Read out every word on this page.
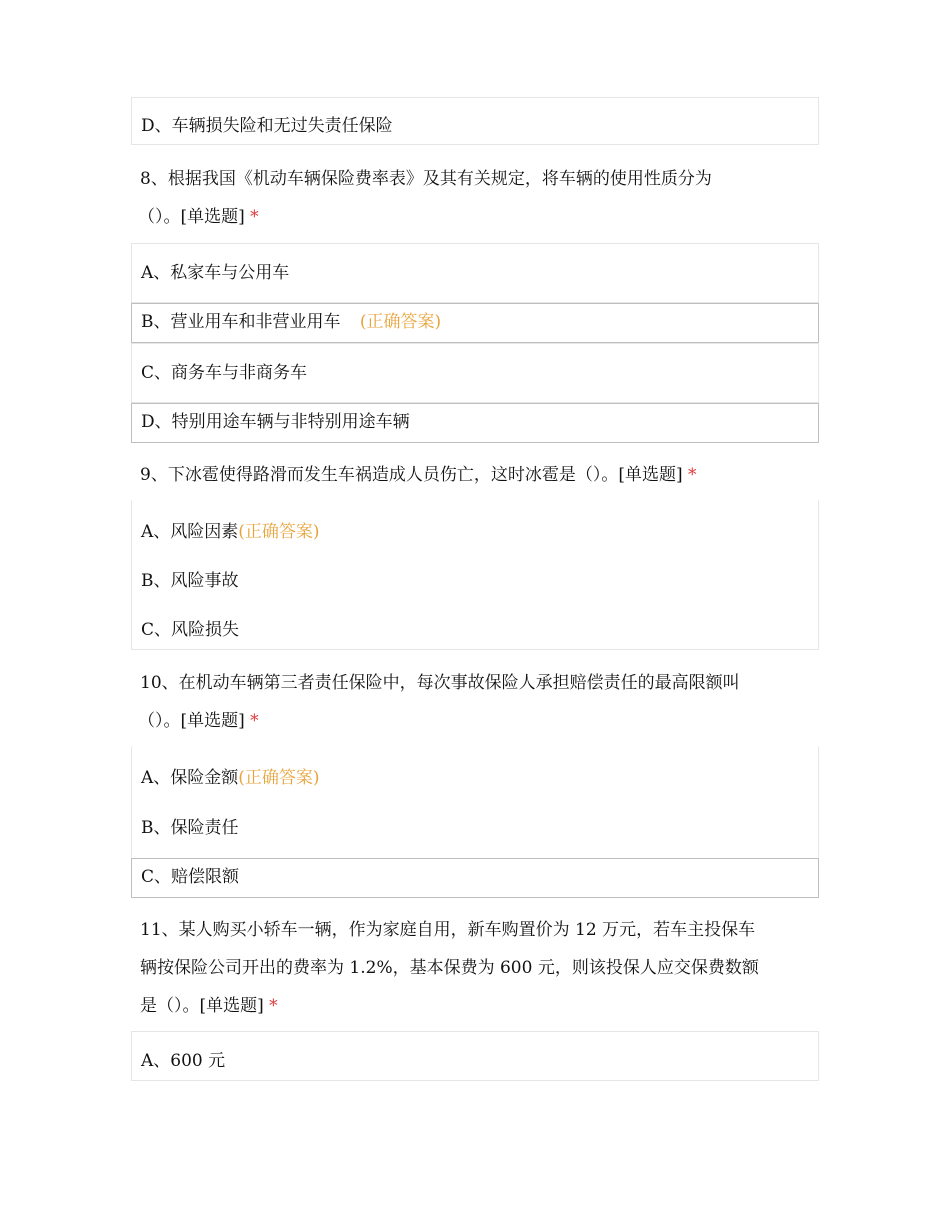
D、车辆损失险和无过失责任保险
8、根据我国《机动车辆保险费率表》及其有关规定，将车辆的使用性质分为
（）。[单选题] *
A、私家车与公用车
B、营业用车和非营业用车 (正确答案)
C、商务车与非商务车
D、特别用途车辆与非特别用途车辆
9、下冰雹使得路滑而发生车祸造成人员伤亡，这时冰雹是（）。[单选题] *
A、风险因素(正确答案)
B、风险事故
C、风险损失
10、在机动车辆第三者责任保险中，每次事故保险人承担赔偿责任的最高限额叫
（）。[单选题] *
A、保险金额(正确答案)
B、保险责任
C、赔偿限额
11、某人购买小轿车一辆，作为家庭自用，新车购置价为 12 万元，若车主投保车
辆按保险公司开出的费率为 1.2%，基本保费为 600 元，则该投保人应交保费数额
是（）。[单选题] *
A、600 元
